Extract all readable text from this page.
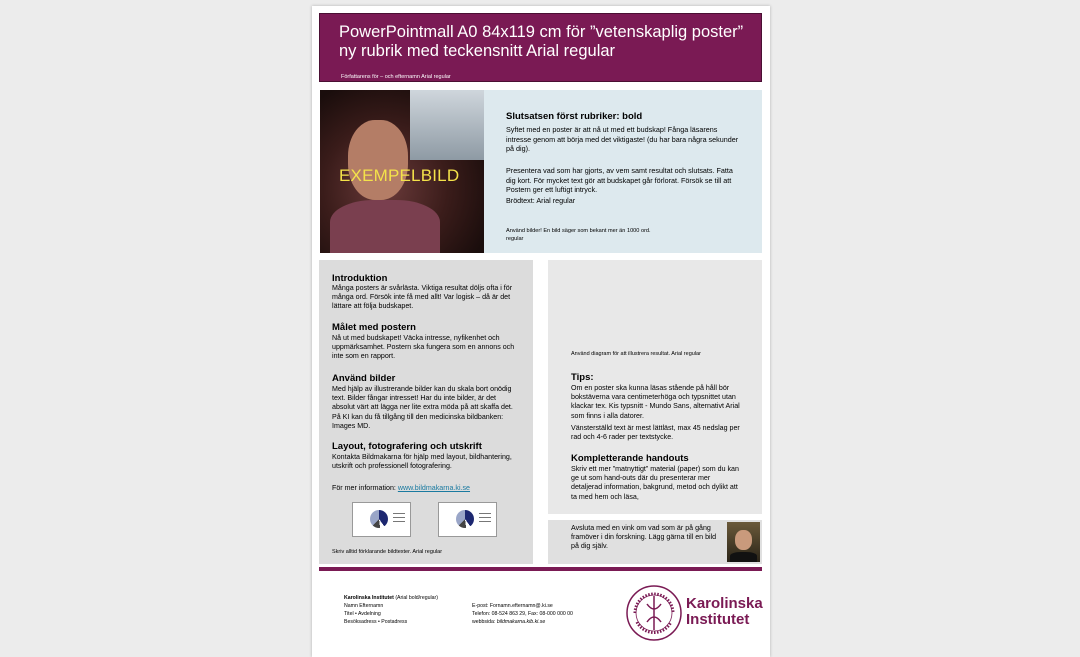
PowerPointmall A0 84x119 cm för ”vetenskaplig poster” ny rubrik med teckensnitt Arial regular
Författarens för – och efternamn Arial regular
EXEMPELBILD
Slutsatsen först rubriker: bold
Syftet med en poster är att nå ut med ett budskap! Fånga läsarens intresse genom att börja med det viktigaste! (du har bara några sekunder på dig).
Presentera vad som har gjorts, av vem samt resultat och slutsats. Fatta dig kort. För mycket text gör att budskapet går förlorat. Försök se till att Postern ger ett luftigt intryck.
Brödtext: Arial regular
Använd bilder! En bild säger som bekant mer än 1000 ord. regular
Introduktion
Många posters är svårlästa. Viktiga resultat döljs ofta i för många ord. Försök inte få med allt! Var logisk – då är det lättare att följa budskapet.
Målet med postern
Nå ut med budskapet! Väcka intresse, nyfikenhet och uppmärksamhet. Postern ska fungera som en annons och inte som en rapport.
Använd bilder
Med hjälp av illustrerande bilder kan du skala bort onödig text. Bilder fångar intresset! Har du inte bilder, är det absolut värt att lägga ner lite extra möda på att skaffa det. På KI kan du få tillgång till den medicinska bildbanken: Images MD.
Layout, fotografering och utskrift
Kontakta Bildmakarna för hjälp med layout, bildhantering, utskrift och professionell fotografering.
För mer information: www.bildmakarna.ki.se
Skriv alltid förklarande bildtexter. Arial regular
Använd diagram för att illustrera resultat. Arial regular
Tips:
Om en poster ska kunna läsas stående på håll bör bokstäverna vara centimeterhöga och typsnittet utan klackar tex. Kis typsnitt - Mundo Sans, alternativt Arial som finns i alla datorer.
Vänsterställd text är mest lättläst, max 45 nedslag per rad och 4-6 rader per textstycke.
Kompletterande handouts
Skriv ett mer ”matnyttigt” material (paper) som du kan ge ut som hand-outs där du presenterar mer detaljerad information, bakgrund, metod och dylikt att ta med hem och läsa,
Avsluta med en vink om vad som är på gång framöver i din forskning. Lägg gärna till en bild på dig själv.
Karolinska Institutet (Arial bold/regular)
Namn Efternamn
Titel • Avdelning
Besöksadress • Postadress
E-post: Fornamn.efternamn@.ki.se
Telefon: 08-524 863 29, Fax: 08-000 000 00
webbsida: bildmakarna.kib.ki.se
Karolinska
Institutet
